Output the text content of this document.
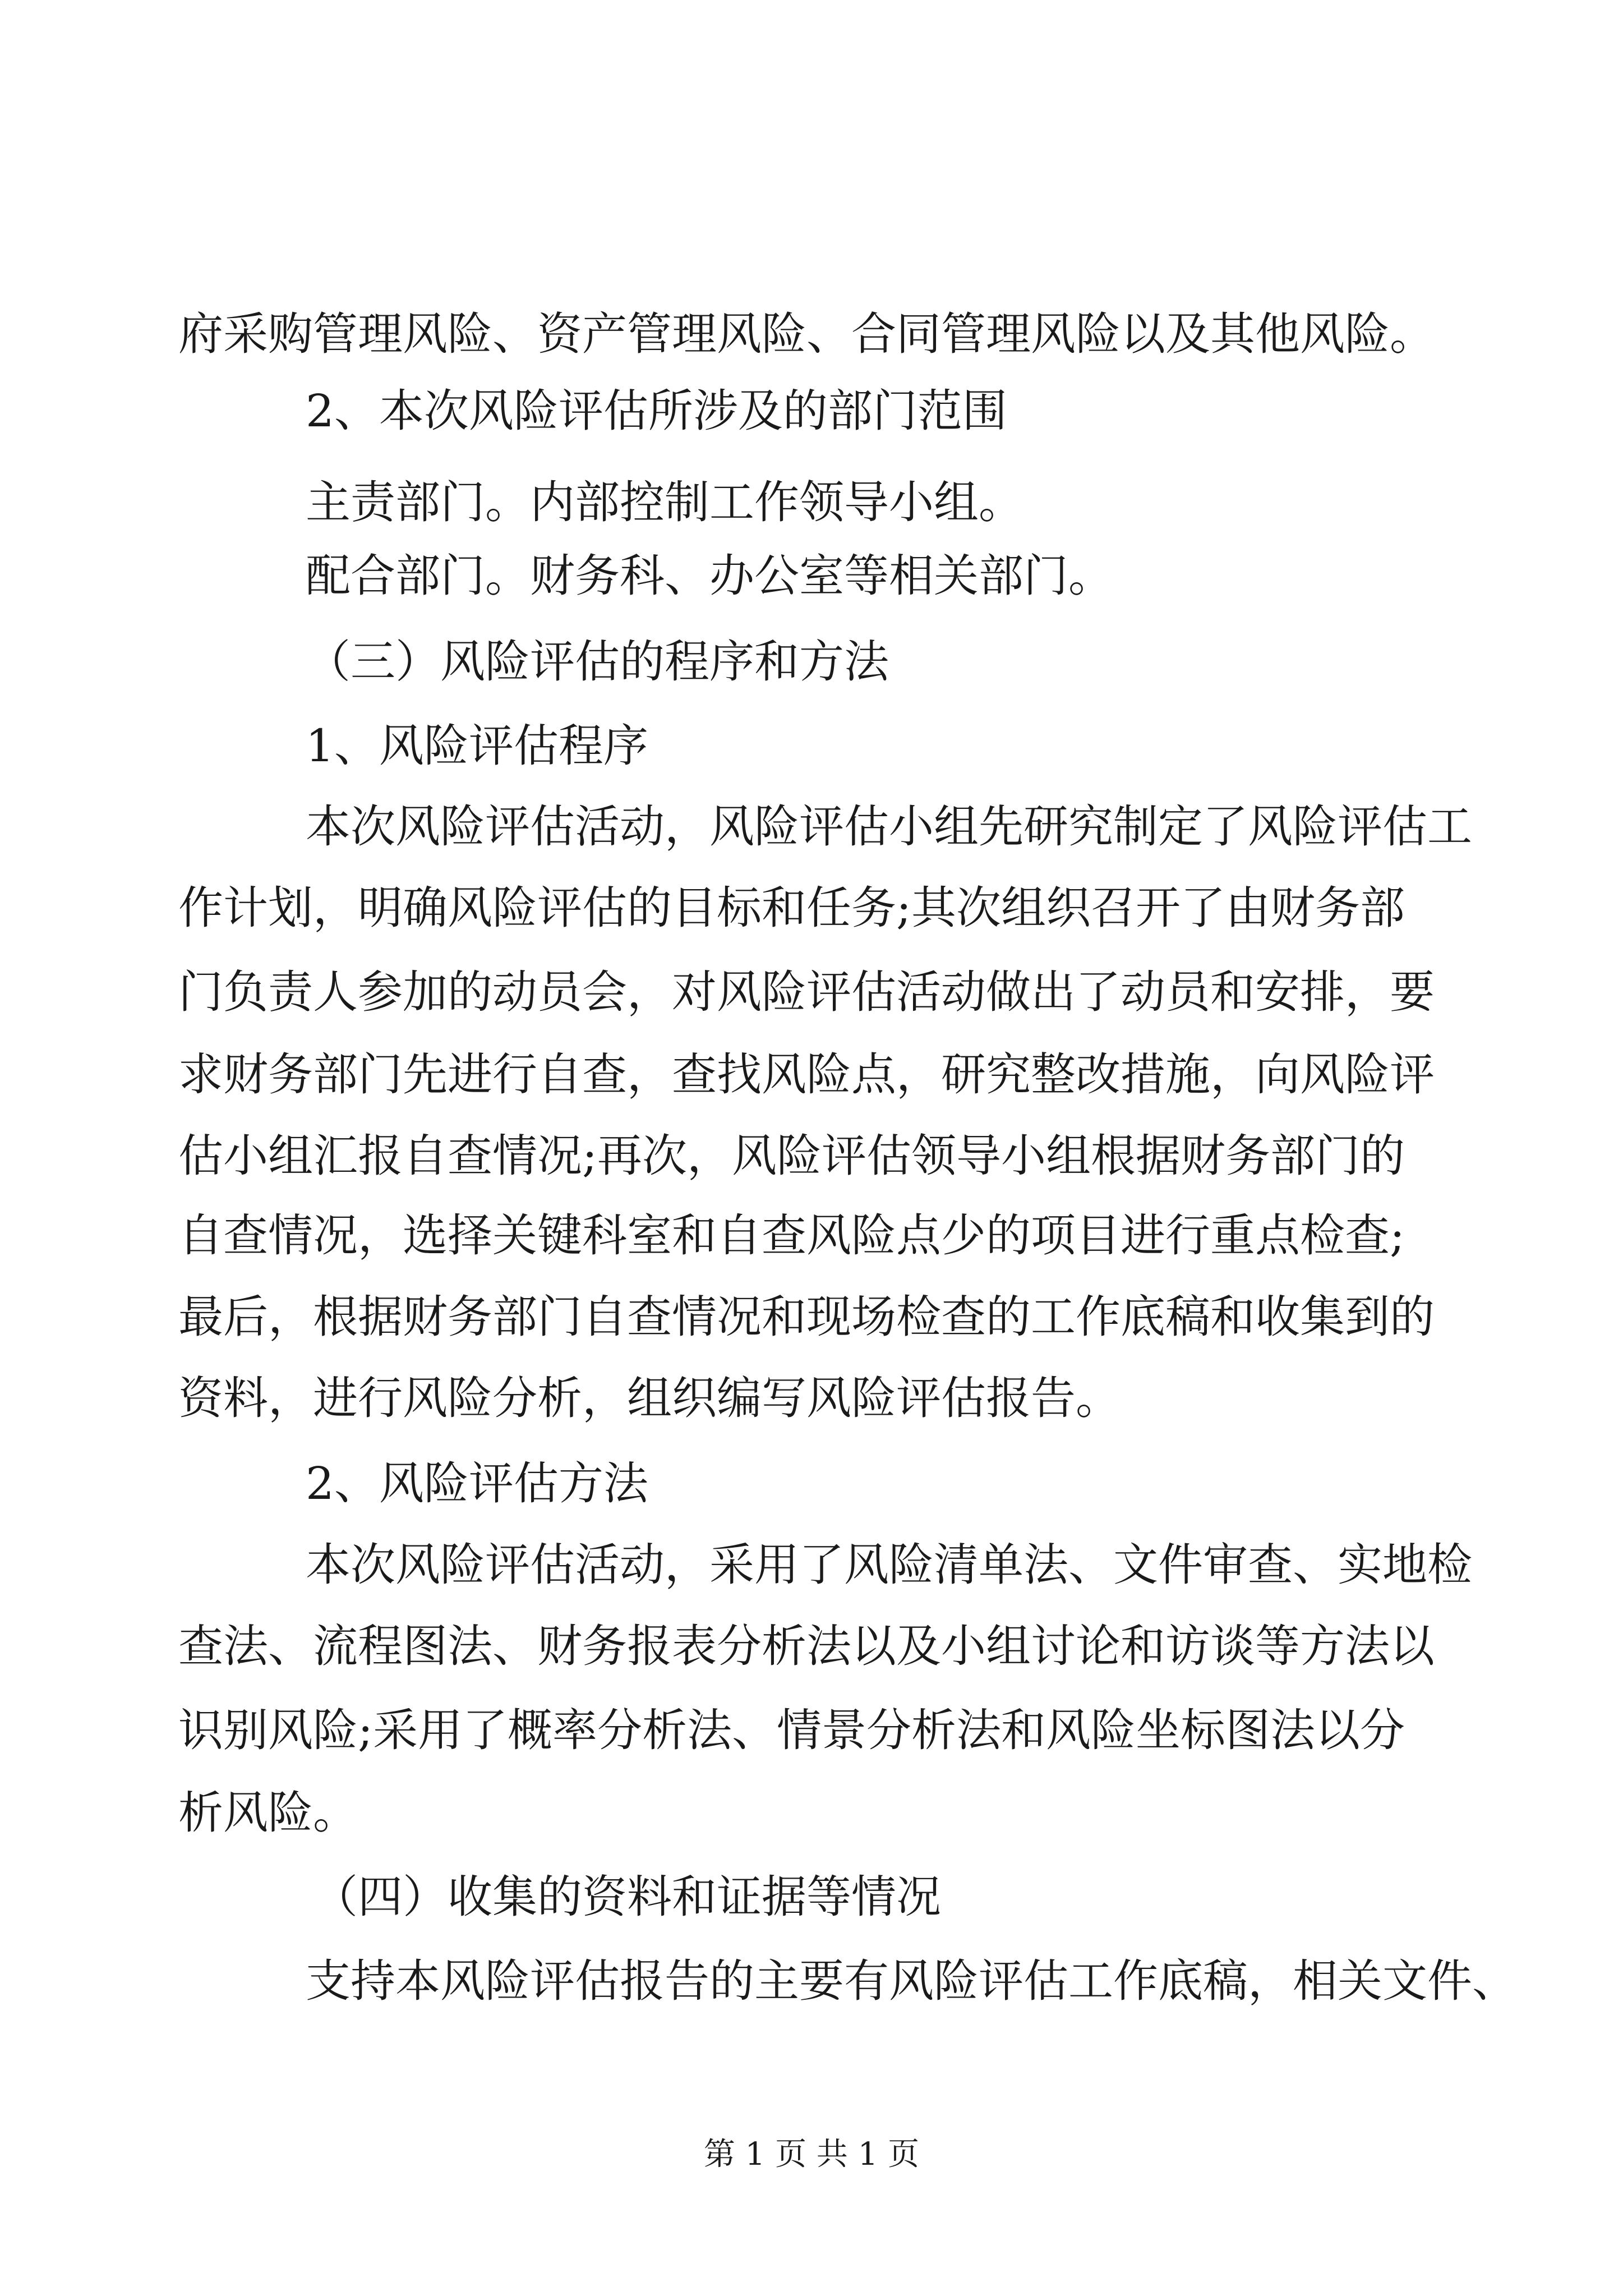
府采购管理风险、资产管理风险、合同管理风险以及其他风险。
2、本次风险评估所涉及的部门范围
主责部门。内部控制工作领导小组。
配合部门。财务科、办公室等相关部门。
（三）风险评估的程序和方法
1、风险评估程序
本次风险评估活动，风险评估小组先研究制定了风险评估工
作计划，明确风险评估的目标和任务;其次组织召开了由财务部
门负责人参加的动员会，对风险评估活动做出了动员和安排，要
求财务部门先进行自查，查找风险点，研究整改措施，向风险评
估小组汇报自查情况;再次，风险评估领导小组根据财务部门的
自查情况，选择关键科室和自查风险点少的项目进行重点检查;
最后，根据财务部门自查情况和现场检查的工作底稿和收集到的
资料，进行风险分析，组织编写风险评估报告。
2、风险评估方法
本次风险评估活动，采用了风险清单法、文件审查、实地检
查法、流程图法、财务报表分析法以及小组讨论和访谈等方法以
识别风险;采用了概率分析法、情景分析法和风险坐标图法以分
析风险。
（四）收集的资料和证据等情况
支持本风险评估报告的主要有风险评估工作底稿，相关文件、
第 1 页 共 1 页
